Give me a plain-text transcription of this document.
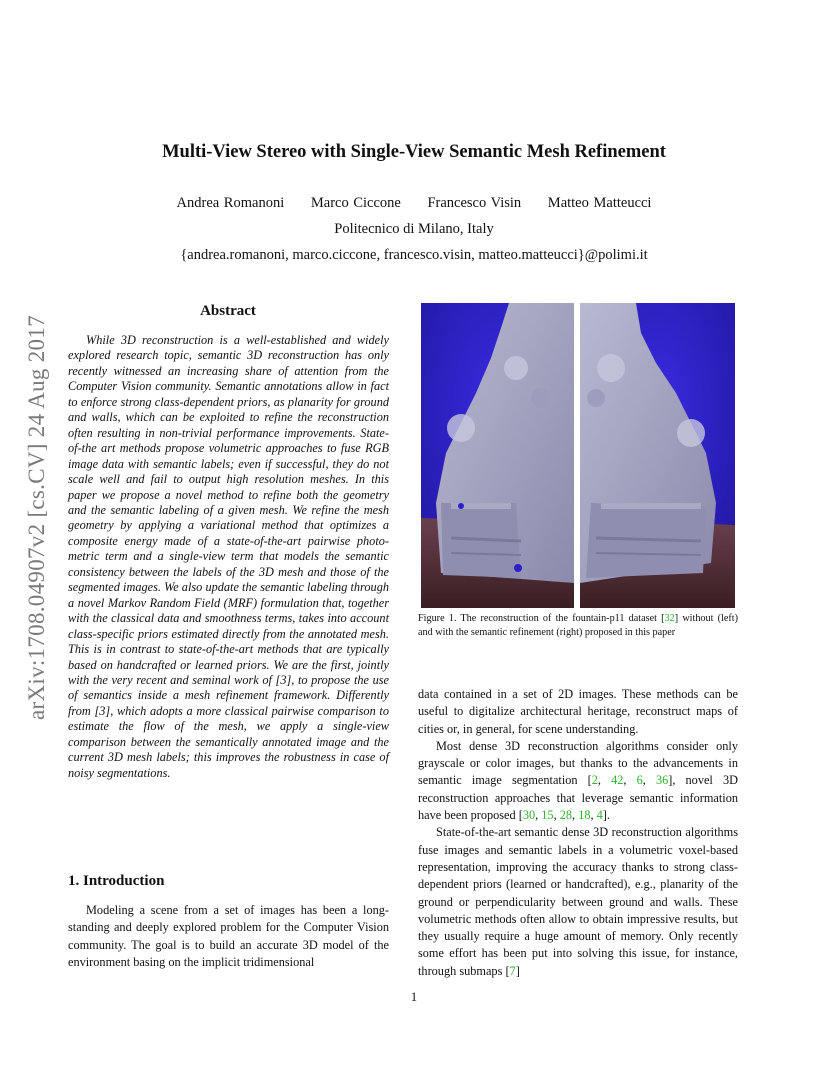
Multi-View Stereo with Single-View Semantic Mesh Refinement
Andrea Romanoni Marco Ciccone Francesco Visin Matteo Matteucci
Politecnico di Milano, Italy
{andrea.romanoni, marco.ciccone, francesco.visin, matteo.matteucci}@polimi.it
arXiv:1708.04907v2 [cs.CV] 24 Aug 2017
Abstract
While 3D reconstruction is a well-established and widely explored research topic, semantic 3D reconstruction has only recently witnessed an increasing share of attention from the Computer Vision community. Semantic annotations allow in fact to enforce strong class-dependent priors, as planarity for ground and walls, which can be exploited to refine the reconstruction often resulting in non-trivial performance improvements. State-of-the art methods propose volumetric approaches to fuse RGB image data with semantic labels; even if successful, they do not scale well and fail to output high resolution meshes. In this paper we propose a novel method to refine both the geometry and the semantic labeling of a given mesh. We refine the mesh geometry by applying a variational method that optimizes a composite energy made of a state-of-the-art pairwise photo-metric term and a single-view term that models the semantic consistency between the labels of the 3D mesh and those of the segmented images. We also update the semantic labeling through a novel Markov Random Field (MRF) formulation that, together with the classical data and smoothness terms, takes into account class-specific priors estimated directly from the annotated mesh. This is in contrast to state-of-the-art methods that are typically based on handcrafted or learned priors. We are the first, jointly with the very recent and seminal work of [3], to propose the use of semantics inside a mesh refinement framework. Differently from [3], which adopts a more classical pairwise comparison to estimate the flow of the mesh, we apply a single-view comparison between the semantically annotated image and the current 3D mesh labels; this improves the robustness in case of noisy segmentations.
1. Introduction
Modeling a scene from a set of images has been a long-standing and deeply explored problem for the Computer Vision community. The goal is to build an accurate 3D model of the environment basing on the implicit tridimensional
Figure 1. The reconstruction of the fountain-p11 dataset [32] without (left) and with the semantic refinement (right) proposed in this paper

data contained in a set of 2D images. These methods can be useful to digitalize architectural heritage, reconstruct maps of cities or, in general, for scene understanding.

Most dense 3D reconstruction algorithms consider only grayscale or color images, but thanks to the advancements in semantic image segmentation [2, 42, 6, 36], novel 3D reconstruction approaches that leverage semantic information have been proposed [30, 15, 28, 18, 4].

State-of-the-art semantic dense 3D reconstruction algorithms fuse images and semantic labels in a volumetric voxel-based representation, improving the accuracy thanks to strong class-dependent priors (learned or handcrafted), e.g., planarity of the ground or perpendicularity between ground and walls. These volumetric methods often allow to obtain impressive results, but they usually require a huge amount of memory. Only recently some effort has been put into solving this issue, for instance, through submaps [7]

1
